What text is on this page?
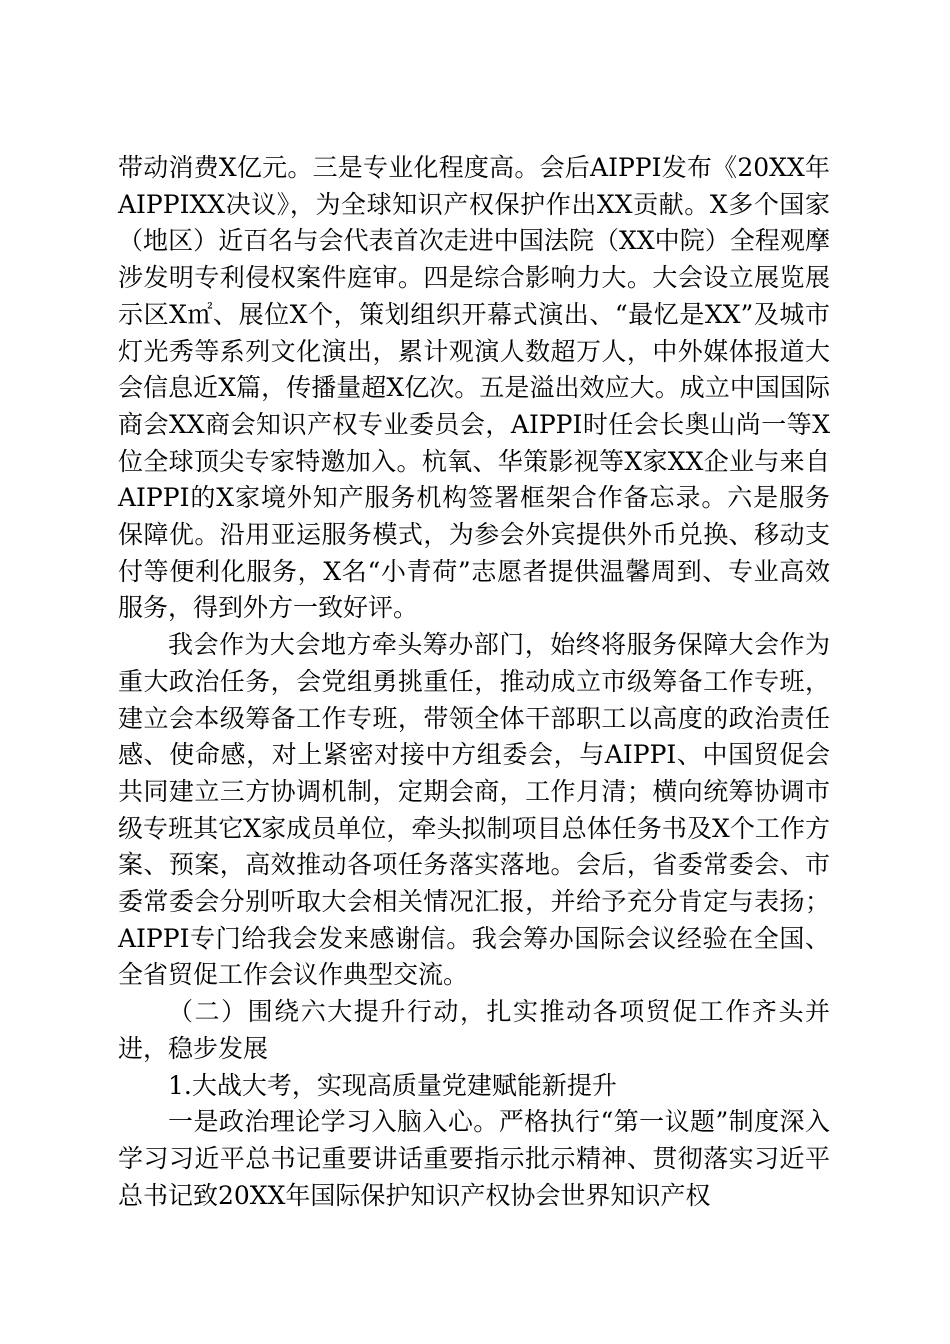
带动消费X亿元。三是专业化程度高。会后AIPPI发布《20XX年AIPPIXX决议》，为全球知识产权保护作出XX贡献。X多个国家（地区）近百名与会代表首次走进中国法院（XX中院）全程观摩涉发明专利侵权案件庭审。四是综合影响力大。大会设立展览展示区X㎡、展位X个，策划组织开幕式演出、“最忆是XX”及城市灯光秀等系列文化演出，累计观演人数超万人，中外媒体报道大会信息近X篇，传播量超X亿次。五是溢出效应大。成立中国国际商会XX商会知识产权专业委员会，AIPPI时任会长奥山尚一等X位全球顶尖专家特邀加入。杭氧、华策影视等X家XX企业与来自AIPPI的X家境外知产服务机构签署框架合作备忘录。六是服务保障优。沿用亚运服务模式，为参会外宾提供外币兑换、移动支付等便利化服务，X名“小青荷”志愿者提供温馨周到、专业高效服务，得到外方一致好评。

我会作为大会地方牵头筹办部门，始终将服务保障大会作为重大政治任务，会党组勇挑重任，推动成立市级筹备工作专班，建立会本级筹备工作专班，带领全体干部职工以高度的政治责任感、使命感，对上紧密对接中方组委会，与AIPPI、中国贸促会共同建立三方协调机制，定期会商，工作月清；横向统筹协调市级专班其它X家成员单位，牵头拟制项目总体任务书及X个工作方案、预案，高效推动各项任务落实落地。会后，省委常委会、市委常委会分别听取大会相关情况汇报，并给予充分肯定与表扬；AIPPI专门给我会发来感谢信。我会筹办国际会议经验在全国、全省贸促工作会议作典型交流。

（二）围绕六大提升行动，扎实推动各项贸促工作齐头并进，稳步发展

1.大战大考，实现高质量党建赋能新提升

一是政治理论学习入脑入心。严格执行“第一议题”制度深入学习习近平总书记重要讲话重要指示批示精神、贯彻落实习近平总书记致20XX年国际保护知识产权协会世界知识产权
